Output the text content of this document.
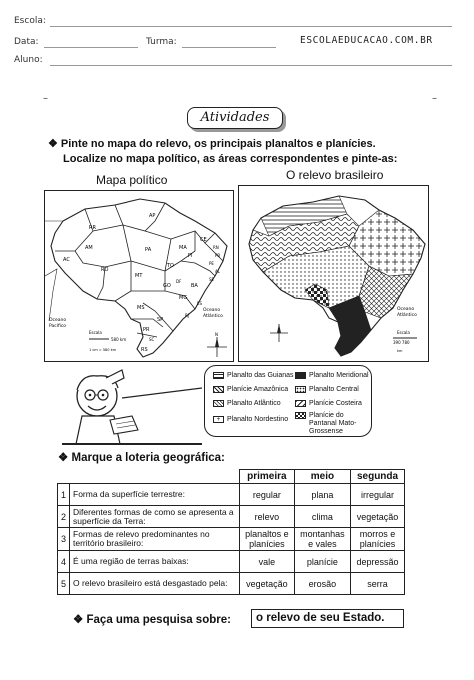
Escola:
Data:	Turma:	ESCOLAEDUCACAO.COM.BR
Aluno:
–	–
Atividades
❖ Pinte no mapa do relevo, os principais planaltos e planícies.
Localize no mapa político, as áreas correspondentes e pinte-as:
Mapa político	O relevo brasileiro
RR
AP
AM	PA	MA
CE
RN
PB
PE
AL
SE
PI
BA
TO
AC
RO
MT
GO
DF
MG
ES
MS
SP
RJ
PR
SC
RS
Oceano
Pacífico
Oceano
Atlântico
Escala
580 km
1 cm = 580 km
N
Oceano
Atlântico
Escala
390 780
km
Planalto das Guianas Planalto Meridional
Planície Amazônica	Planalto Central
Planalto Atlântico	Planície Costeira
+ Planalto Nordestino
Planície do Pantanal Mato-Grossense
❖ Marque a loteria geográfica:
		primeira	meio	segunda
1	Forma da superfície terrestre:	regular	plana	irregular
2	Diferentes formas de como se apresenta a superfície da Terra:	relevo	clima	vegetação
3	Formas de relevo predominantes no território brasileiro:	planaltos e planícies	montanhas e vales	morros e planícies
4	É uma região de terras baixas:	vale	planície	depressão
5	O relevo brasileiro está desgastado pela:	vegetação	erosão	serra
❖ Faça uma pesquisa sobre:	o relevo de seu Estado.
